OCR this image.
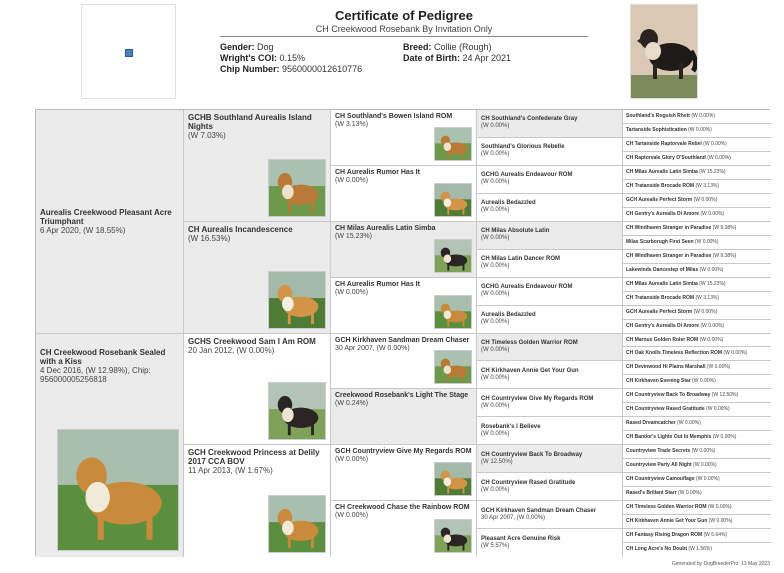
Certificate of Pedigree
CH Creekwood Rosebank By Invitation Only
Gender: Dog
Wright's COI: 0.15%
Chip Number: 9560000012610776
Breed: Collie (Rough)
Date of Birth: 24 Apr 2021
Aurealis Creekwood Pleasant Acre Triumphant
6 Apr 2020, (W 18.55%)
CH Creekwood Rosebank Sealed with a Kiss
4 Dec 2016, (W 12.98%), Chip: 956000005256818
GCHB Southland Aurealis Island Nights
(W 7.03%)
CH Aurealis Incandescence
(W 16.53%)
GCHS Creekwood Sam I Am ROM
20 Jan 2012, (W 0.00%)
GCH Creekwood Princess at Delily 2017 CCA BOV
11 Apr 2013, (W 1.67%)
CH Southland's Bowen Island ROM
(W 3.13%)
CH Aurealis Rumor Has It
(W 0.00%)
CH Milas Aurealis Latin Simba
(W 15.23%)
CH Aurealis Rumor Has It
(W 0.00%)
GCH Kirkhaven Sandman Dream Chaser
30 Apr 2007, (W 0.00%)
Creekwood Rosebank's Light The Stage
(W 0.24%)
GCH Countryview Give My Regards ROM
(W 0.00%)
CH Creekwood Chase the Rainbow ROM
(W 0.00%)
CH Southland's Confederate Gray
(W 0.00%)
Southland's Glorious Rebelle
(W 0.00%)
GCHG Aurealis Endeavour ROM
(W 0.00%)
Aurealis Bedazzled
(W 0.00%)
CH Milas Absolute Latin
(W 0.00%)
CH Milas Latin Dancer ROM
(W 0.00%)
GCHG Aurealis Endeavour ROM
(W 0.00%)
Aurealis Bedazzled
(W 0.00%)
CH Timeless Golden Warrior ROM
(W 0.00%)
CH Kirkhaven Annie Get Your Gun
(W 0.00%)
CH Countryview Give My Regards ROM
(W 0.00%)
Rosebank's I Believe
(W 0.00%)
CH Countryview Back To Broadway
(W 12.50%)
CH Countryview Rased Gratitude
(W 0.00%)
GCH Kirkhaven Sandman Dream Chaser
30 Apr 2007, (W 0.00%)
Pleasant Acre Genuine Risk
(W 5.57%)
Southland's Roguish Rhett (W 0.00%)
Tartanside Sophistication (W 0.00%)
CH Tartanside Raptorvale Rebel (W 0.00%)
CH Raptorvale Glory O'Southland (W 0.00%)
CH Milas Aurealis Latin Simba (W 15.23%)
CH Tratanside Brocade ROM (W 3.13%)
GCH Aurealis Perfect Storm (W 0.00%)
CH Gentry's Aurealis Di Amore (W 0.00%)
CH Windhaven Stranger in Paradise (W 9.38%)
Milas Scarborugh First Seen (W 0.00%)
CH Windhaven Stranger in Paradise (W 9.38%)
Lakewinds Dancestep of Milas (W 0.00%)
CH Milas Aurealis Latin Simba (W 15.23%)
CH Tratanside Brocade ROM (W 3.13%)
GCH Aurealis Perfect Storm (W 0.00%)
CH Gentry's Aurealis Di Amore (W 0.00%)
CH Marnus Golden Roler ROM (W 0.00%)
CH Oak Knolls Timeless Reflection ROM (W 0.00%)
CH Devinwood Hi Plains Marshall (W 0.00%)
CH Kirkhaven Evening Star (W 0.00%)
CH Countryview Back To Broadway (W 12.50%)
CH Countryview Rased Gratitude (W 0.00%)
Rased Dreamcatcher (W 0.00%)
CH Bandor's Lights Out In Memphis (W 0.00%)
Countryview Trade Secrets (W 0.00%)
Countryview Party All Night (W 0.00%)
CH Countryview Camouflage (W 0.00%)
Rased's Brillant Starr (W 0.00%)
CH Timeless Golden Warrior ROM (W 0.00%)
CH Kirkhaven Annie Get Your Gun (W 0.00%)
CH Fantasy Rising Dragon ROM (W 6.64%)
CH Long Acre's No Doubt (W 1.56%)
Generated by DogBreederPro: 13 May 2023
